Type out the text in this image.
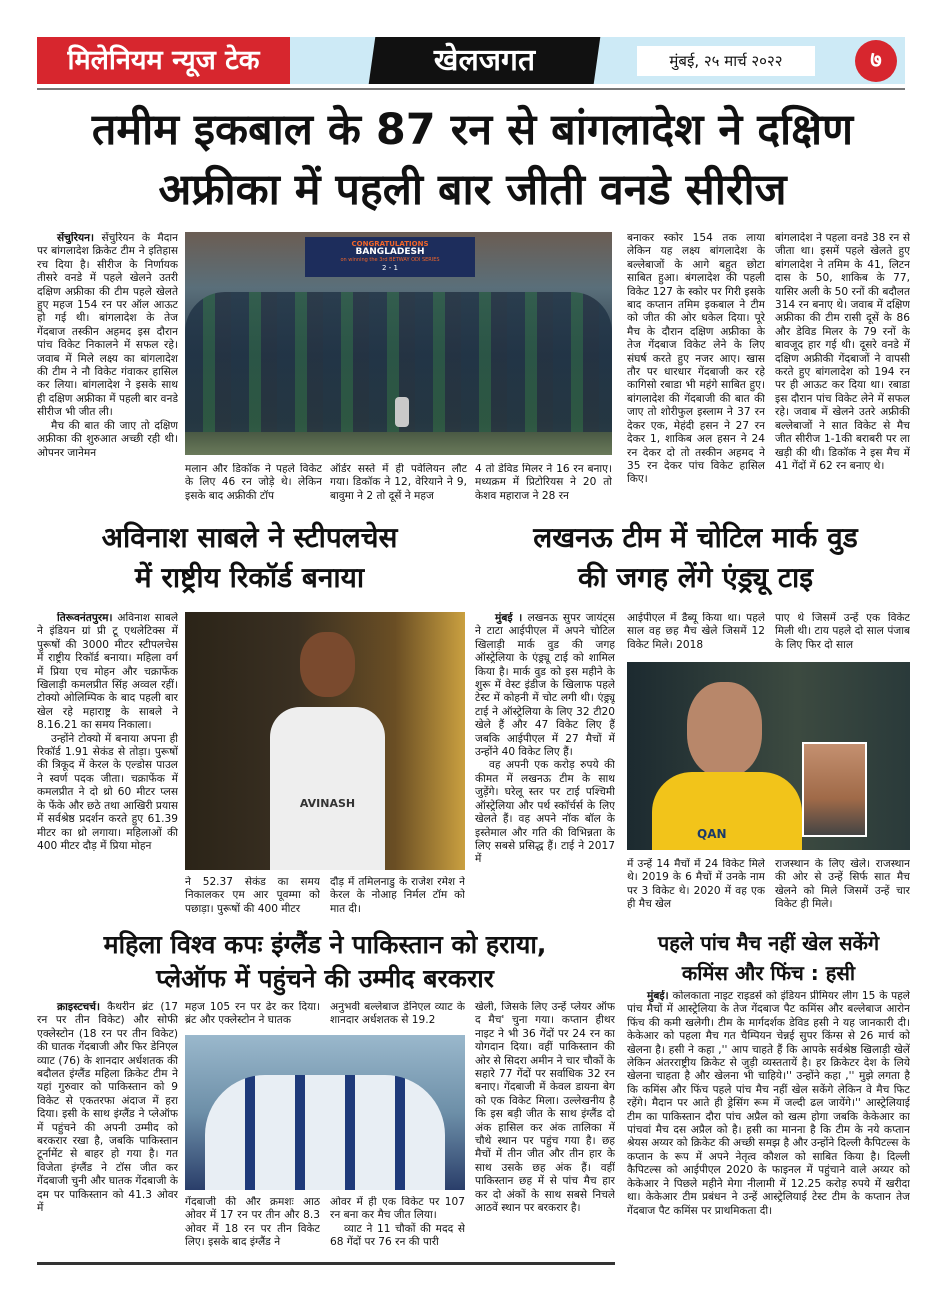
मिलेनियम न्यूज टेक	खेलजगत	मुंबई, २५ मार्च २०२२	७
तमीम इकबाल के 87 रन से बांगलादेश ने दक्षिण
अफ्रीका में पहली बार जीती वनडे सीरीज

सेंचुरियन। सेंचुरियन के मैदान पर बांगलादेश क्रिकेट टीम ने इतिहास रच दिया है। सीरीज के निर्णायक तीसरे वनडे में पहले खेलने उतरी दक्षिण अफ्रीका की टीम पहले खेलते हुए महज 154 रन पर ऑल आऊट हो गई थी। बांगलादेश के तेज गेंदबाज तस्कीन अहमद इस दौरान पांच विकेट निकालने में सफल रहे। जवाब में मिले लक्ष्य का बांगलादेश की टीम ने नौ विकेट गंवाकर हासिल कर लिया। बांगलादेश ने इसके साथ ही दक्षिण अफ्रीका में पहली बार वनडे सीरीज भी जीत ली।

मैच की बात की जाए तो दक्षिण अफ्रीका की शुरुआत अच्छी रही थी। ओपनर जानेमन

CONGRATULATIONS
BANGLADESH
on winning the 3rd BETWAY ODI SERIES
2 - 1
मलान और डिकॉक ने पहले विकेट के लिए 46 रन जोड़े थे। लेकिन इसके बाद अफ्रीकी टॉप
ऑर्डर सस्ते में ही पवेलियन लौट गया। डिकॉक ने 12, वेरियाने ने 9, बावुमा ने 2 तो दूसें ने महज
4 तो डेविड मिलर ने 16 रन बनाए। मध्यक्रम में प्रिटोरियस ने 20 तो केशव महाराज ने 28 रन
बनाकर स्कोर 154 तक लाया लेकिन यह लक्ष्य बांगलादेश के बल्लेबाजों के आगे बहुत छोटा साबित हुआ। बंगलादेश की पहली विकेट 127 के स्कोर पर गिरी इसके बाद कप्तान तमिम इकबाल ने टीम को जीत की ओर धकेल दिया। पूरे मैच के दौरान दक्षिण अफ्रीका के तेज गेंदबाज विकेट लेने के लिए संघर्ष करते हुए नजर आए। खास तौर पर धारधार गेंदबाजी कर रहे कागिसो रबाडा भी महंगे साबित हुए। बांगलादेश की गेंदबाजी की बात की जाए तो शोरीफुल इस्लाम ने 37 रन देकर एक, मेहंदी हसन ने 27 रन देकर 1, शाकिब अल हसन ने 24 रन देकर दो तो तस्कीन अहमद ने 35 रन देकर पांच विकेट हासिल किए।
बांगलादेश ने पहला वनडे 38 रन से जीता था। इसमें पहले खेलते हुए बांगलादेश ने तमिम के 41, लिटन दास के 50, शाकिब के 77, यासिर अली के 50 रनों की बदौलत 314 रन बनाए थे। जवाब में दक्षिण अफ्रीका की टीम रासी दूसें के 86 और डेविड मिलर के 79 रनों के बावजूद हार गई थी। दूसरे वनडे में दक्षिण अफ्रीकी गेंदबाजों ने वापसी करते हुए बांगलादेश को 194 रन पर ही आऊट कर दिया था। रबाडा इस दौरान पांच विकेट लेने में सफल रहे। जवाब में खेलने उतरे अफ्रीकी बल्लेबाजों ने सात विकेट से मैच जीत सीरीज 1-1की बराबरी पर ला खड़ी की थी। डिकॉक ने इस मैच में 41 गेंदों में 62 रन बनाए थे।
अविनाश साबले ने स्टीपलचेस
में राष्ट्रीय रिकॉर्ड बनाया

तिरूवनंतपुरम। अविनाश साबले ने इंडियन ग्रां प्री टू एथलेटिक्स में पुरूषों की 3000 मीटर स्टीपलचेस में राष्ट्रीय रिकॉर्ड बनाया। महिला वर्ग में प्रिया एच मोहन और चक्राफेंक खिलाड़ी कमलप्रीत सिंह अव्वल रहीं। टोक्यो ओलिम्पिक के बाद पहली बार खेल रहे महाराष्ट्र के साबले ने 8.16.21 का समय निकाला।

उन्होंने टोक्यो में बनाया अपना ही रिकॉर्ड 1.91 सेकंड से तोड़ा। पुरूषों की त्रिकूद में केरल के एल्डोस पाउल ने स्वर्ण पदक जीता। चक्राफेंक में कमलप्रीत ने दो थ्रो 60 मीटर प्लस के फेंके और छठे तथा आखिरी प्रयास में सर्वश्रेष्ठ प्रदर्शन करते हुए 61.39 मीटर का थ्रो लगाया। महिलाओं की 400 मीटर दौड़ में प्रिया मोहन

AVINASH
ने 52.37 सेकंड का समय निकालकर एम आर पूवम्मा को पछाड़ा। पुरूषों की 400 मीटर
दौड़ में तमिलनाडु के राजेश रमेश ने केरल के नोआह निर्मल टॉम को मात दी।
लखनऊ टीम में चोटिल मार्क वुड
की जगह लेंगे एंड्र्यू टाइ

मुंबई । लखनऊ सुपर जायंट्स ने टाटा आईपीएल में अपने चोटिल खिलाड़ी मार्क वुड की जगह ऑस्ट्रेलिया के एंड्र्यू टाई को शामिल किया है। मार्क वुड को इस महीने के शुरू में वेस्ट इंडीज के खिलाफ पहले टेस्ट में कोहनी में चोट लगी थी। एंड्र्यू टाई ने ऑस्ट्रेलिया के लिए 32 टी20 खेले हैं और 47 विकेट लिए हैं जबकि आईपीएल में 27 मैचों में उन्होंने 40 विकेट लिए हैं।

वह अपनी एक करोड़ रुपये की कीमत में लखनऊ टीम के साथ जुड़ेंगे। घरेलू स्तर पर टाई पश्चिमी ऑस्ट्रेलिया और पर्थ स्कॉर्चर्स के लिए खेलते हैं। वह अपने नॉक बॉल के इस्तेमाल और गति की विभिन्नता के लिए सबसे प्रसिद्ध हैं। टाई ने 2017 में

आईपीएल में डैब्यू किया था। पहले साल वह छह मैच खेले जिसमें 12 विकेट मिले। 2018
पाए थे जिसमें उन्हें एक विकेट मिली थी। टाय पहले दो साल पंजाब के लिए फिर दो साल
QAN
में उन्हें 14 मैचों में 24 विकेट मिले थे। 2019 के 6 मैचों में उनके नाम पर 3 विकेट थे। 2020 में वह एक ही मैच खेल
राजस्थान के लिए खेले। राजस्थान की ओर से उन्हें सिर्फ सात मैच खेलने को मिले जिसमें उन्हें चार विकेट ही मिले।
महिला विश्व कपः इंग्लैंड ने पाकिस्तान को हराया,
प्लेऑफ में पहुंचने की उम्मीद बरकरार

क्राइस्टचर्च। कैथरीन ब्रंट (17 रन पर तीन विकेट) और सोफी एक्लेस्टोन (18 रन पर तीन विकेट) की घातक गेंदबाजी और फिर डेनिएल व्याट (76) के शानदार अर्धशतक की बदौलत इंग्लैंड महिला क्रिकेट टीम ने यहां गुरुवार को पाकिस्तान को 9 विकेट से एकतरफा अंदाज में हरा दिया। इसी के साथ इंग्लैंड ने प्लेऑफ में पहुंचने की अपनी उम्मीद को बरकरार रखा है, जबकि पाकिस्तान टूर्नामेंट से बाहर हो गया है। गत विजेता इंग्लैंड ने टॉस जीत कर गेंदबाजी चुनी और घातक गेंदबाजी के दम पर पाकिस्तान को 41.3 ओवर में

महज 105 रन पर ढेर कर दिया। ब्रंट और एक्लेस्टोन ने घातक
अनुभवी बल्लेबाज डेनिएल व्याट के शानदार अर्धशतक से 19.2
गेंदबाजी की और क्रमशः आठ ओवर में 17 रन पर तीन और 8.3 ओवर में 18 रन पर तीन विकेट लिए। इसके बाद इंग्लैंड ने
ओवर में ही एक विकेट पर 107 रन बना कर मैच जीत लिया।

व्याट ने 11 चौकों की मदद से 68 गेंदों पर 76 रन की पारी

खेली, जिसके लिए उन्हें प्लेयर ऑफ द मैच' चुना गया। कप्तान हीथर नाइट ने भी 36 गेंदों पर 24 रन का योगदान दिया। वहीं पाकिस्तान की ओर से सिदरा अमीन ने चार चौकों के सहारे 77 गेंदों पर सर्वाधिक 32 रन बनाए। गेंदबाजी में केवल डायना बेग को एक विकेट मिला। उल्लेखनीय है कि इस बड़ी जीत के साथ इंग्लैंड दो अंक हासिल कर अंक तालिका में चौथे स्थान पर पहुंच गया है। छह मैचों में तीन जीत और तीन हार के साथ उसके छह अंक हैं। वहीं पाकिस्तान छह में से पांच मैच हार कर दो अंकों के साथ सबसे निचले आठवें स्थान पर बरकरार है।
पहले पांच मैच नहीं खेल सकेंगे
कमिंस और फिंच : हसी

मुंबई। कोलकाता नाइट राइडर्स को इंडियन प्रीमियर लीग 15 के पहले पांच मैचों में आस्ट्रेलिया के तेज गेंदबाज पैट कमिंस और बल्लेबाज आरोन फिंच की कमी खलेगी। टीम के मार्गदर्शक डेविड हसी ने यह जानकारी दी। केकेआर को पहला मैच गत चैम्पियन चेन्नई सुपर किंग्स से 26 मार्च को खेलना है। हसी ने कहा ,'' आप चाहते हैं कि आपके सर्वश्रेष्ठ खिलाड़ी खेलें लेकिन अंतरराष्ट्रीय क्रिकेट से जुड़ी व्यस्ततायें है। हर क्रिकेटर देश के लिये खेलना चाहता है और खेलना भी चाहिये।'' उन्होंने कहा ,'' मुझे लगता है कि कमिंस और फिंच पहले पांच मैच नहीं खेल सकेंगे लेकिन वे मैच फिट रहेंगे। मैदान पर आते ही ड्रेसिंग रूम में जल्दी ढल जायेंगे।'' आस्ट्रेलियाई टीम का पाकिस्तान दौरा पांच अप्रैल को खत्म होगा जबकि केकेआर का पांचवां मैच दस अप्रैल को है। हसी का मानना है कि टीम के नये कप्तान श्रेयस अय्यर को क्रिकेट की अच्छी समझ है और उन्होंने दिल्ली कैपिटल्स के कप्तान के रूप में अपने नेतृत्व कौशल को साबित किया है। दिल्ली कैपिटल्स को आईपीएल 2020 के फाइनल में पहुंचाने वाले अय्यर को केकेआर ने पिछले महीने मेगा नीलामी में 12.25 करोड़ रुपये में खरीदा था। केकेआर टीम प्रबंधन ने उन्हें आस्ट्रेलियाई टेस्ट टीम के कप्तान तेज गेंदबाज पैट कमिंस पर प्राथमिकता दी।
